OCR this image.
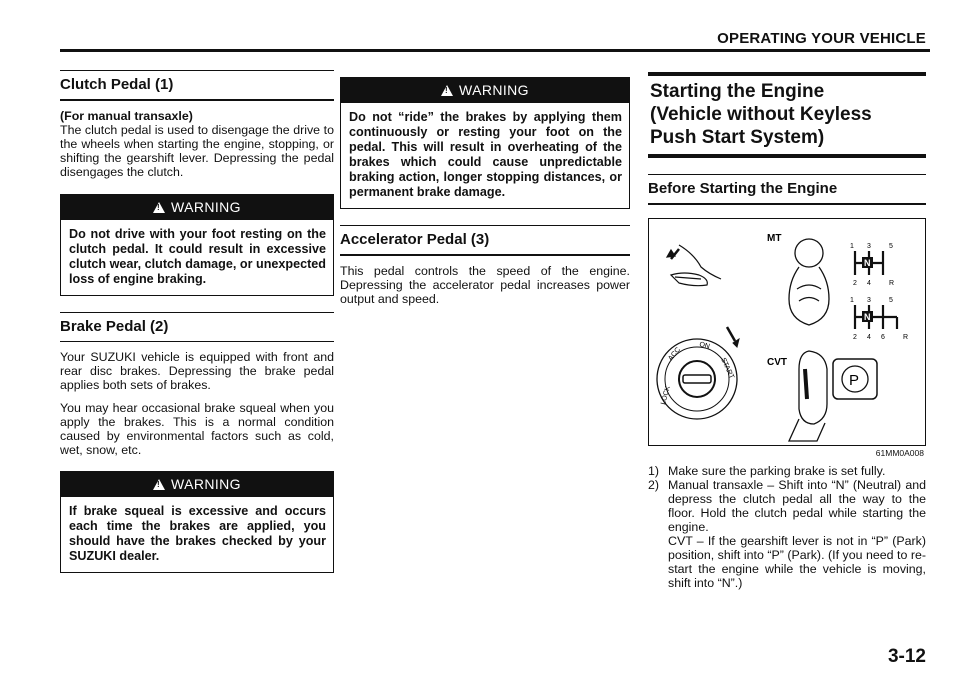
OPERATING YOUR VEHICLE
Clutch Pedal (1)
(For manual transaxle)
The clutch pedal is used to disengage the drive to the wheels when starting the engine, stopping, or shifting the gearshift lever. Depressing the pedal disengages the clutch.
!WARNING
Do not drive with your foot resting on the clutch pedal. It could result in excessive clutch wear, clutch damage, or unexpected loss of engine braking.
Brake Pedal (2)
Your SUZUKI vehicle is equipped with front and rear disc brakes. Depressing the brake pedal applies both sets of brakes.
You may hear occasional brake squeal when you apply the brakes. This is a normal condition caused by environmental factors such as cold, wet, snow, etc.
!WARNING
If brake squeal is excessive and occurs each time the brakes are applied, you should have the brakes checked by your SUZUKI dealer.
!WARNING
Do not “ride” the brakes by applying them continuously or resting your foot on the pedal. This will result in overheating of the brakes which could cause unpredictable braking action, longer stopping distances, or permanent brake damage.
Accelerator Pedal (3)
This pedal controls the speed of the engine. Depressing the accelerator pedal increases power output and speed.
Starting the Engine
(Vehicle without Keyless
Push Start System)
Before Starting the Engine
MT
N
1 3	5
2 4	R
N
1 3	5
2 4 6	R
ACC
LOCK
ON
START	CVT
P
61MM0A008
1) Make sure the parking brake is set fully.
2) Manual transaxle – Shift into “N” (Neutral) and depress the clutch pedal all the way to the floor. Hold the clutch pedal while starting the engine.
CVT – If the gearshift lever is not in “P” (Park) position, shift into “P” (Park). (If you need to re-start the engine while the vehicle is moving, shift into “N”.)
3-12
